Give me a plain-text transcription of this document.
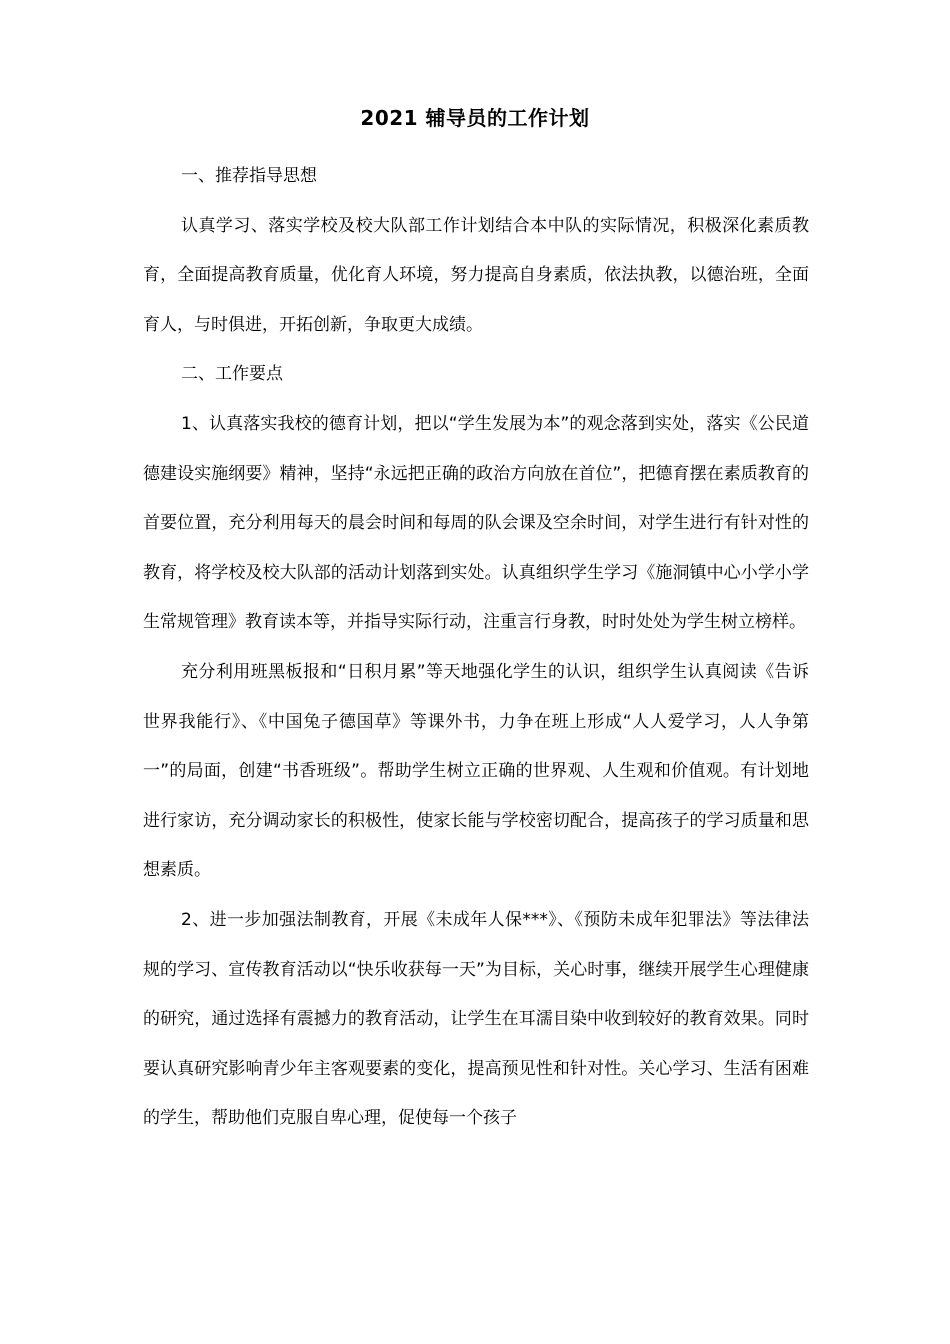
2021 辅导员的工作计划

一、推荐指导思想

认真学习、落实学校及校大队部工作计划结合本中队的实际情况，积极深化素质教育，全面提高教育质量，优化育人环境，努力提高自身素质，依法执教，以德治班，全面育人，与时俱进，开拓创新，争取更大成绩。

二、工作要点

1、认真落实我校的德育计划，把以“学生发展为本”的观念落到实处，落实《公民道德建设实施纲要》精神，坚持“永远把正确的政治方向放在首位”，把德育摆在素质教育的首要位置，充分利用每天的晨会时间和每周的队会课及空余时间，对学生进行有针对性的教育，将学校及校大队部的活动计划落到实处。认真组织学生学习《施洞镇中心小学小学生常规管理》教育读本等，并指导实际行动，注重言行身教，时时处处为学生树立榜样。

充分利用班黑板报和“日积月累”等天地强化学生的认识，组织学生认真阅读《告诉世界我能行》、《中国兔子德国草》等课外书，力争在班上形成“人人爱学习，人人争第一”的局面，创建“书香班级”。帮助学生树立正确的世界观、人生观和价值观。有计划地进行家访，充分调动家长的积极性，使家长能与学校密切配合，提高孩子的学习质量和思想素质。

2、进一步加强法制教育，开展《未成年人保***》、《预防未成年犯罪法》等法律法规的学习、宣传教育活动以“快乐收获每一天”为目标，关心时事，继续开展学生心理健康的研究，通过选择有震撼力的教育活动，让学生在耳濡目染中收到较好的教育效果。同时要认真研究影响青少年主客观要素的变化，提高预见性和针对性。关心学习、生活有困难的学生，帮助他们克服自卑心理，促使每一个孩子
